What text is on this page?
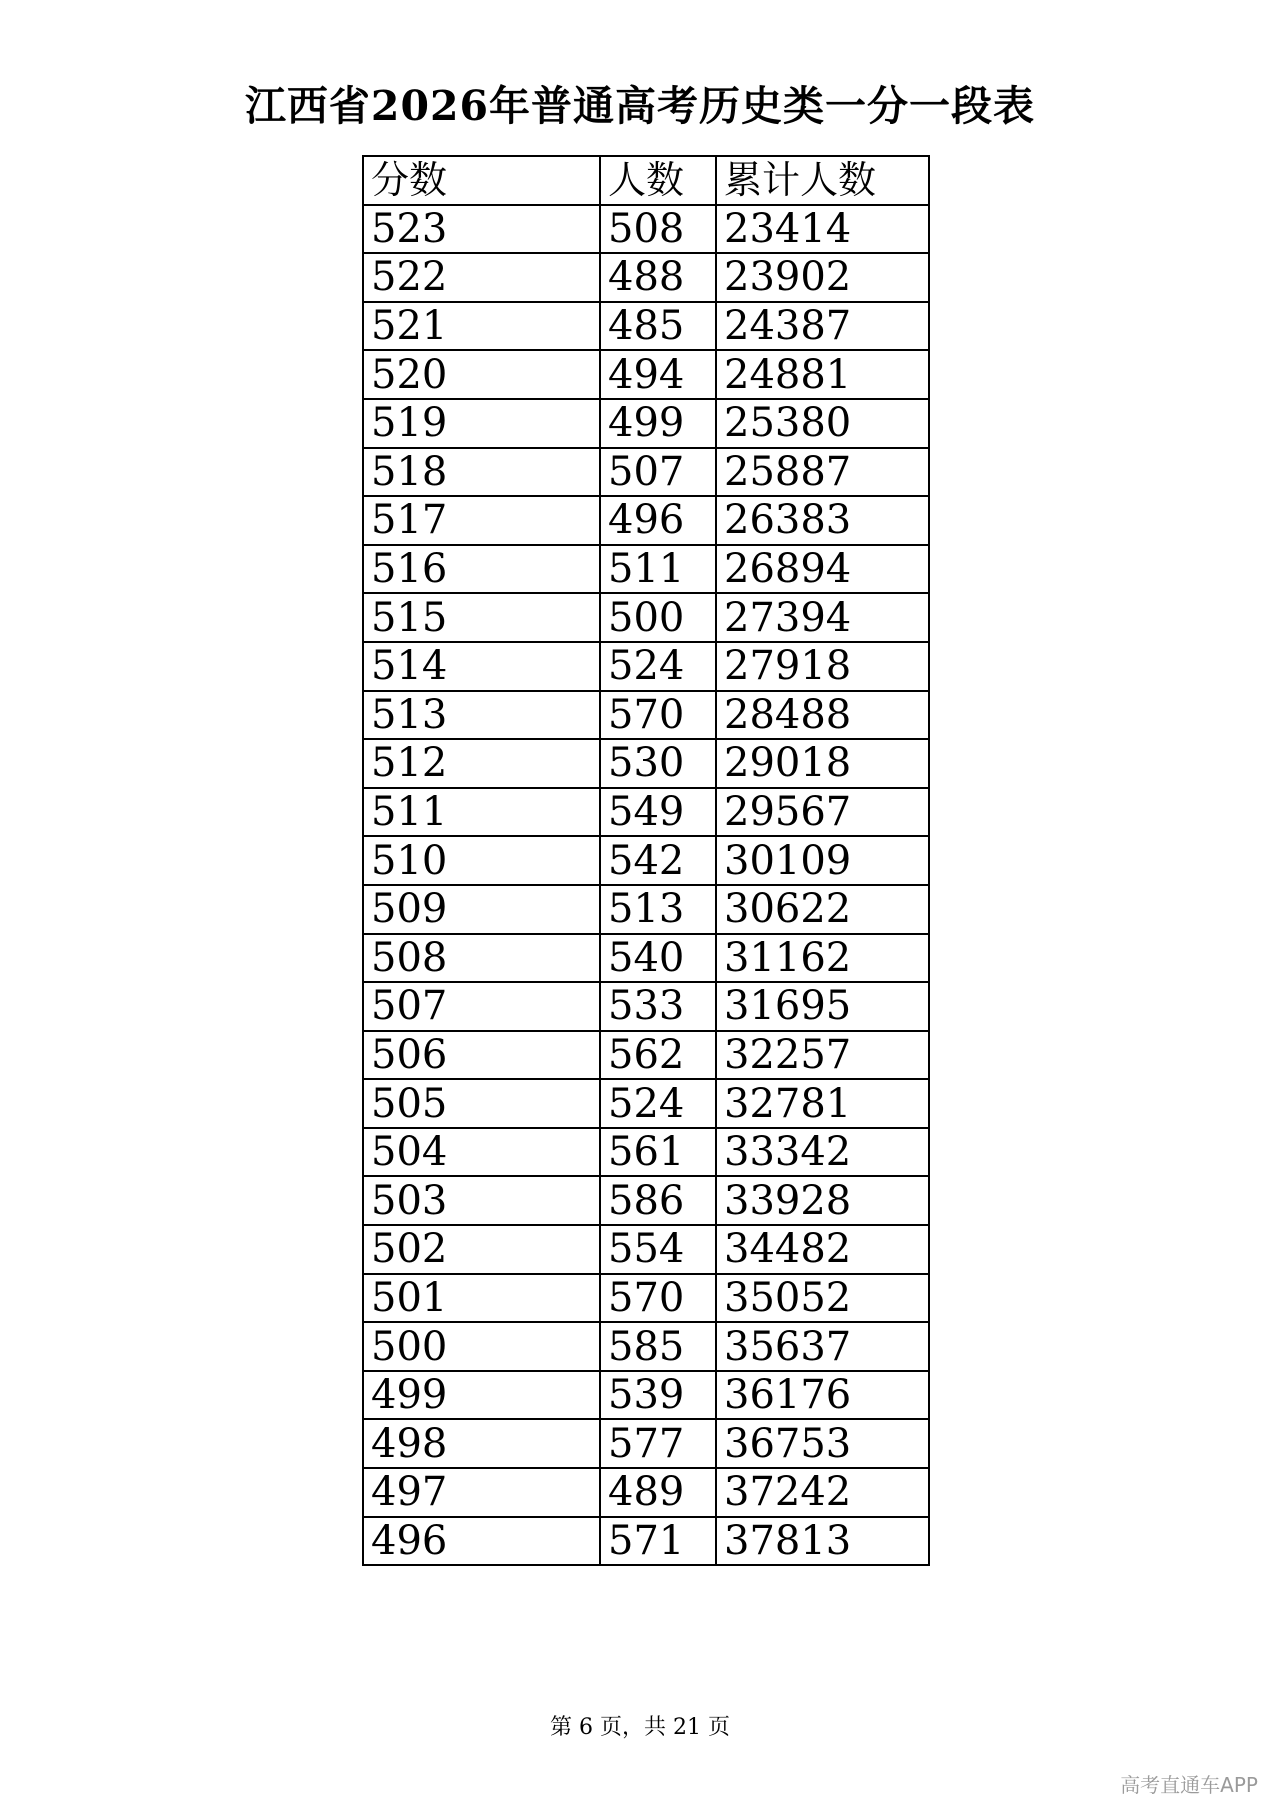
江西省2026年普通高考历史类一分一段表
分数	人数	累计人数
523	508	23414
522	488	23902
521	485	24387
520	494	24881
519	499	25380
518	507	25887
517	496	26383
516	511	26894
515	500	27394
514	524	27918
513	570	28488
512	530	29018
511	549	29567
510	542	30109
509	513	30622
508	540	31162
507	533	31695
506	562	32257
505	524	32781
504	561	33342
503	586	33928
502	554	34482
501	570	35052
500	585	35637
499	539	36176
498	577	36753
497	489	37242
496	571	37813
第 6 页，共 21 页
高考直通车APP
